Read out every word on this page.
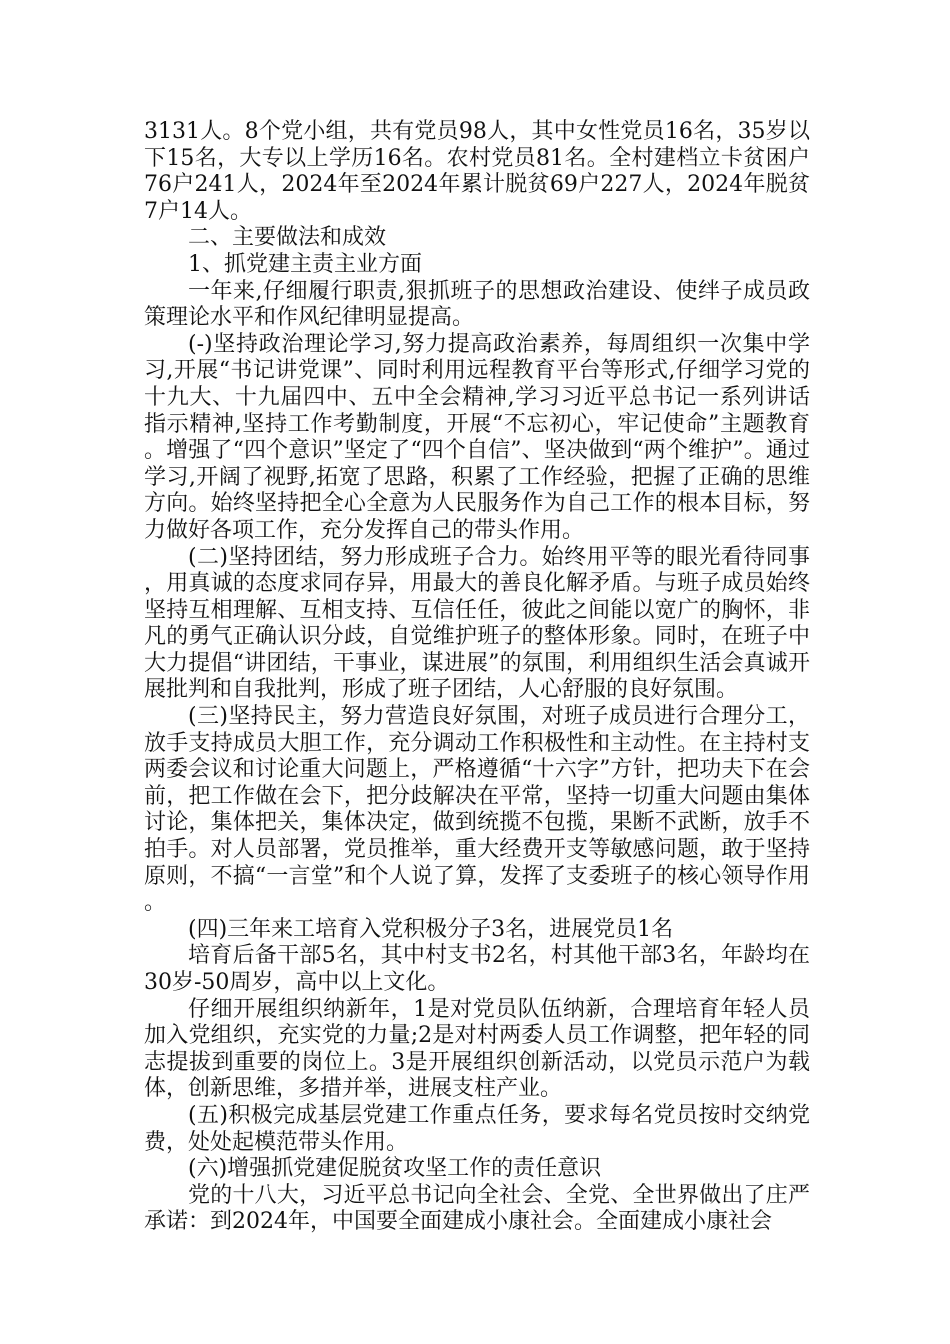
3131人。8个党小组，共有党员98人，其中女性党员16名，35岁以下15名，大专以上学历16名。农村党员81名。全村建档立卡贫困户76户241人，2024年至2024年累计脱贫69户227人，2024年脱贫7户14人。

二、主要做法和成效

1、抓党建主责主业方面

一年来,仔细履行职责,狠抓班子的思想政治建设、使绊子成员政策理论水平和作风纪律明显提高。

(-)坚持政治理论学习,努力提高政治素养，每周组织一次集中学习,开展“书记讲党课”、同时利用远程教育平台等形式,仔细学习党的十九大、十九届四中、五中全会精神,学习习近平总书记一系列讲话指示精神,坚持工作考勤制度，开展“不忘初心，牢记使命”主题教育。增强了“四个意识”坚定了“四个自信”、坚决做到“两个维护”。通过学习,开阔了视野,拓宽了思路，积累了工作经验，把握了正确的思维方向。始终坚持把全心全意为人民服务作为自己工作的根本目标，努力做好各项工作，充分发挥自己的带头作用。

(二)坚持团结，努力形成班子合力。始终用平等的眼光看待同事，用真诚的态度求同存异，用最大的善良化解矛盾。与班子成员始终坚持互相理解、互相支持、互信任任，彼此之间能以宽广的胸怀，非凡的勇气正确认识分歧，自觉维护班子的整体形象。同时，在班子中大力提倡“讲团结，干事业，谋进展”的氛围，利用组织生活会真诚开展批判和自我批判，形成了班子团结，人心舒服的良好氛围。

(三)坚持民主，努力营造良好氛围，对班子成员进行合理分工，放手支持成员大胆工作，充分调动工作积极性和主动性。在主持村支两委会议和讨论重大问题上，严格遵循“十六字”方针，把功夫下在会前，把工作做在会下，把分歧解决在平常，坚持一切重大问题由集体讨论，集体把关，集体决定，做到统揽不包揽，果断不武断，放手不拍手。对人员部署，党员推举，重大经费开支等敏感问题，敢于坚持原则，不搞“一言堂”和个人说了算，发挥了支委班子的核心领导作用。

(四)三年来工培育入党积极分子3名，进展党员1名

培育后备干部5名，其中村支书2名，村其他干部3名，年龄均在30岁-50周岁，高中以上文化。

仔细开展组织纳新年，1是对党员队伍纳新，合理培育年轻人员加入党组织，充实党的力量;2是对村两委人员工作调整，把年轻的同志提拔到重要的岗位上。3是开展组织创新活动，以党员示范户为载体，创新思维，多措并举，进展支柱产业。

(五)积极完成基层党建工作重点任务，要求每名党员按时交纳党费，处处起模范带头作用。

(六)增强抓党建促脱贫攻坚工作的责任意识

党的十八大，习近平总书记向全社会、全党、全世界做出了庄严承诺：到2024年，中国要全面建成小康社会。全面建成小康社会
